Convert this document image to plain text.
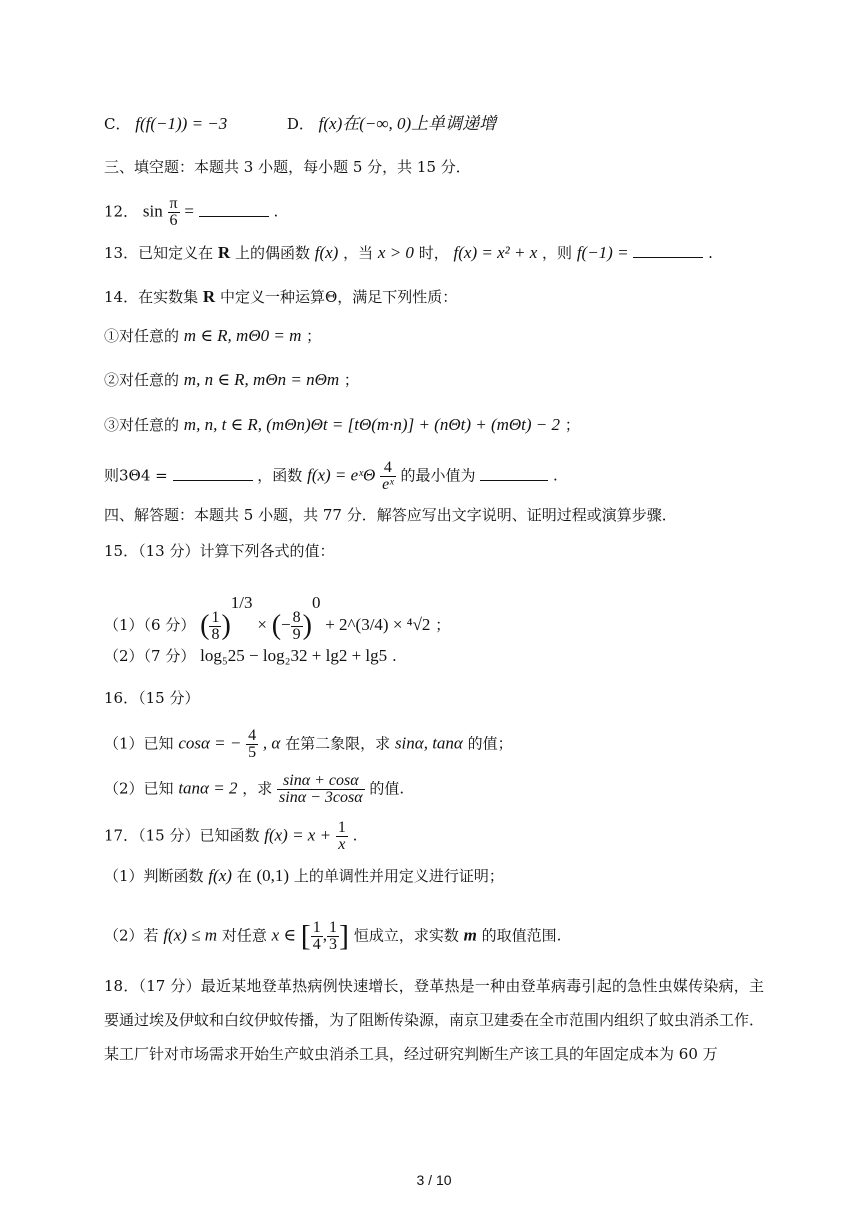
C． f(f(−1)) = −3	D． f(x)在(−∞, 0)上单调递增
三、填空题：本题共 3 小题，每小题 5 分，共 15 分．
12． $\sin \frac{\pi}{6}$ =	.
13．已知定义在 R 上的偶函数 f(x) ，当 x > 0 时， f(x) = x² + x ，则 f(−1) =	.
14．在实数集 R 中定义一种运算Θ，满足下列性质：
①对任意的 m ∈ R, mΘ0 = m ；
②对任意的 m, n ∈ R, mΘn = nΘm ；
③对任意的 m, n, t ∈ R, (mΘn)Θt = [tΘ(m·n)] + (nΘt) + (mΘt) − 2 ；
则3Θ4 =	，函数 f(x) = eˣΘ $\frac{4}{\text{eˣ}}$ 的最小值为	.
四、解答题：本题共 5 小题，共 77 分．解答应写出文字说明、证明过程或演算步骤．
15．（13 分）计算下列各式的值：
（1）（6 分） ( $\frac{1}{8} )^{1/3}$ × (− $\frac{8}{9} )^0$ + 2^(3/4) × ⁴√2 ；
（2）（7 分） log₅25 − log₂32 + lg2 + lg5 .
16．（15 分）
（1）已知 cosα = − $\frac{4}{5}$ , α 在第二象限，求 sinα, tanα 的值；
（2）已知 tanα = 2 ，求 $\frac{\sin\alpha + \cos\alpha}{\sin\alpha - 3\cos\alpha}$ 的值.
17．（15 分）已知函数 $f(x) = x + \frac{1}{x}$ .
（1）判断函数 f(x) 在 (0,1) 上的单调性并用定义进行证明；
（2）若 f(x) ≤ m 对任意 x ∈ [ $\frac{1}{4}$ , $\frac{1}{3}$ ] 恒成立，求实数 m 的取值范围.
18．（17 分）最近某地登革热病例快速增长，登革热是一种由登革病毒引起的急性虫媒传染病，主要通过埃及伊蚊和白纹伊蚊传播，为了阻断传染源，南京卫建委在全市范围内组织了蚊虫消杀工作．某工厂针对市场需求开始生产蚊虫消杀工具，经过研究判断生产该工具的年固定成本为 60 万
3 / 10
